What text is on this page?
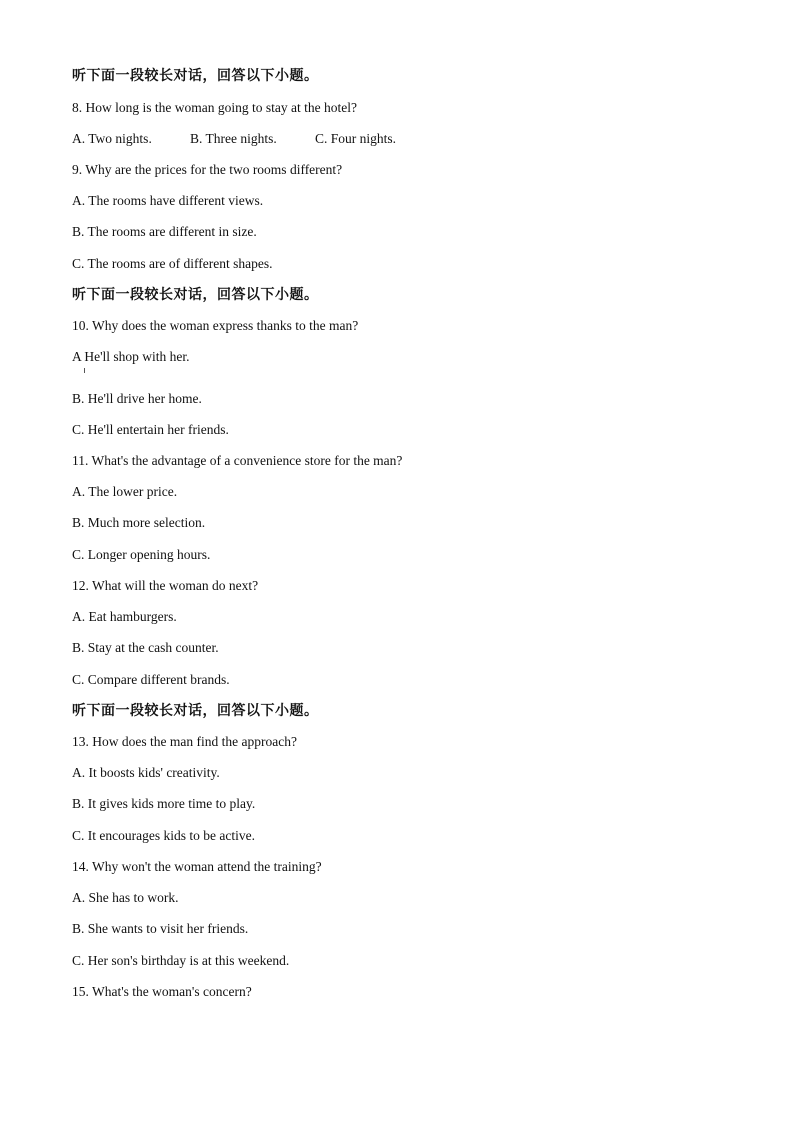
听下面一段较长对话，回答以下小题。
8. How long is the woman going to stay at the hotel?
A. Two nights.	B. Three nights.	C. Four nights.
9. Why are the prices for the two rooms different?
A. The rooms have different views.
B. The rooms are different in size.
C. The rooms are of different shapes.
听下面一段较长对话，回答以下小题。
10. Why does the woman express thanks to the man?
A He'll shop with her.
B. He'll drive her home.
C. He'll entertain her friends.
11. What's the advantage of a convenience store for the man?
A. The lower price.
B. Much more selection.
C. Longer opening hours.
12. What will the woman do next?
A. Eat hamburgers.
B. Stay at the cash counter.
C. Compare different brands.
听下面一段较长对话，回答以下小题。
13. How does the man find the approach?
A. It boosts kids' creativity.
B. It gives kids more time to play.
C. It encourages kids to be active.
14. Why won't the woman attend the training?
A. She has to work.
B. She wants to visit her friends.
C. Her son's birthday is at this weekend.
15. What's the woman's concern?
